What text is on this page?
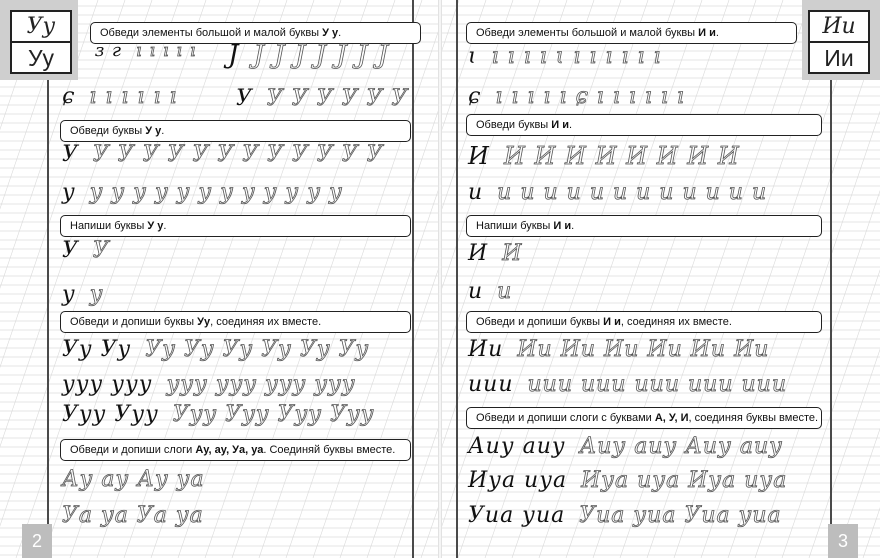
Уу
Уу
Обведи элементы большой и малой буквы У у.
Обведи буквы У у.
Напиши буквы У у.
Обведи и допиши буквы Уу, соединяя их вместе.
Обведи и допиши слоги Ау, ау, Уа, уа. Соединяй буквы вместе.
ɜ г ı ı ı ı ı	J J J J J J J J
ɕ ı ı ı ı ı ı	У У У У У У У
У У У У У У У У У У У У У
у у у у у у у у у у у у у
У У
у у
Уу Уу Уу Уу Уу Уу Уу Уу
ууу ууу ууу ууу ууу ууу
Ууу Ууу Ууу Ууу Ууу Ууу
Ау ау Ау уа
Уа уа Уа уа
2
Ии
Ии
Обведи элементы большой и малой буквы И и.
Обведи буквы И и.
Напиши буквы И и.
Обведи и допиши буквы И и, соединяя их вместе.
Обведи и допиши слоги с буквами А, У, И, соединяя буквы вместе.
ɩ ı ı ı ı ɩ ı ı ı ı ı ı
ɕ ı ı ı ı ı ɕ ı ı ı ı ı ı
И И И И И И И И И
и и и и и и и и и и и и и
И И
и и
Ии Ии Ии Ии Ии Ии Ии
иии иии иии иии иии иии
Аиу аиу Аиу аиу Аиу аиу
Иуа иуа Иуа иуа Иуа иуа
Уиа уиа Уиа уиа Уиа уиа
3
